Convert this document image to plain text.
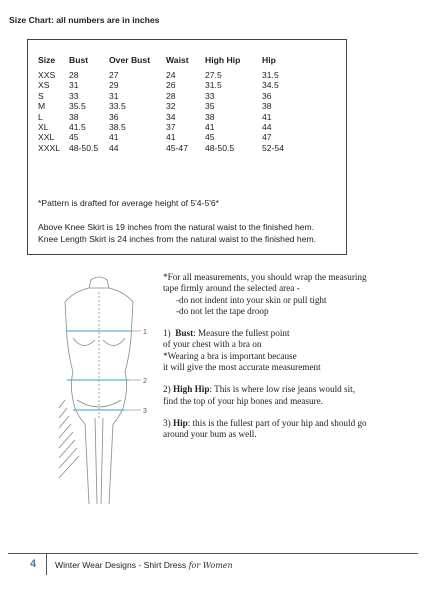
Size Chart: all numbers are in inches
Size	Bust	Over Bust	Waist	High Hip	Hip
XXS	28	27	24	27.5	31.5
XS	31	29	26	31.5	34.5
S	33	31	28	33	36
M	35.5	33.5	32	35	38
L	38	36	34	38	41
XL	41.5	38.5	37	41	44
XXL	45	41	41	45	47
XXXL	48-50.5	44	45-47	48-50.5	52-54
*Pattern is drafted for average height of 5'4-5'6*
Above Knee Skirt is 19 inches from the natural waist to the finished hem.
Knee Length Skirt is 24 inches from the natural waist to the finished hem.
1
2
3
*For all measurements, you should wrap the measuring
tape firmly around the selected area -
-do not indent into your skin or pull tight
-do not let the tape droop
1) Bust: Measure the fullest point
of your chest with a bra on
*Wearing a bra is important because
it will give the most accurate measurement
2) High Hip: This is where low rise jeans would sit,
find the top of your hip bones and measure.
3) Hip: this is the fullest part of your hip and should go
around your bum as well.
4 Winter Wear Designs - Shirt Dress for Women
